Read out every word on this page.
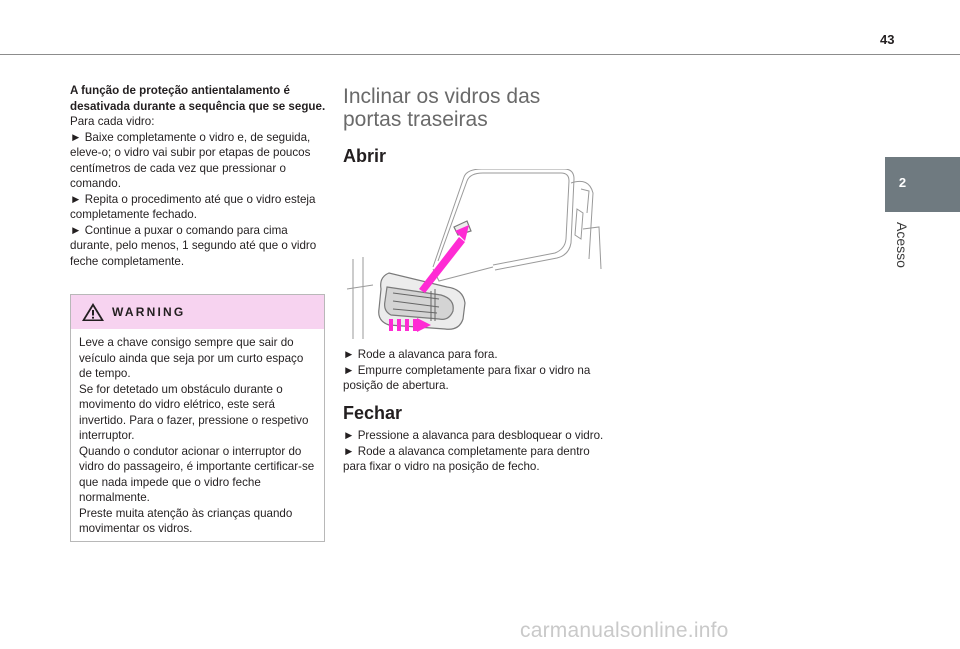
43
2
Acesso

A função de proteção antientalamento é desativada durante a sequência que se segue.

Para cada vidro:

► Baixe completamente o vidro e, de seguida, eleve-o; o vidro vai subir por etapas de poucos centímetros de cada vez que pressionar o comando.

► Repita o procedimento até que o vidro esteja completamente fechado.

► Continue a puxar o comando para cima durante, pelo menos, 1 segundo até que o vidro feche completamente.

WARNING

Leve a chave consigo sempre que sair do veículo ainda que seja por um curto espaço de tempo.

Se for detetado um obstáculo durante o movimento do vidro elétrico, este será invertido. Para o fazer, pressione o respetivo interruptor.

Quando o condutor acionar o interruptor do vidro do passageiro, é importante certificar-se que nada impede que o vidro feche normalmente.

Preste muita atenção às crianças quando movimentar os vidros.

Inclinar os vidros das portas traseiras
Abrir

► Rode a alavanca para fora.

► Empurre completamente para fixar o vidro na posição de abertura.

Fechar

► Pressione a alavanca para desbloquear o vidro.

► Rode a alavanca completamente para dentro para fixar o vidro na posição de fecho.

carmanualsonline.info
